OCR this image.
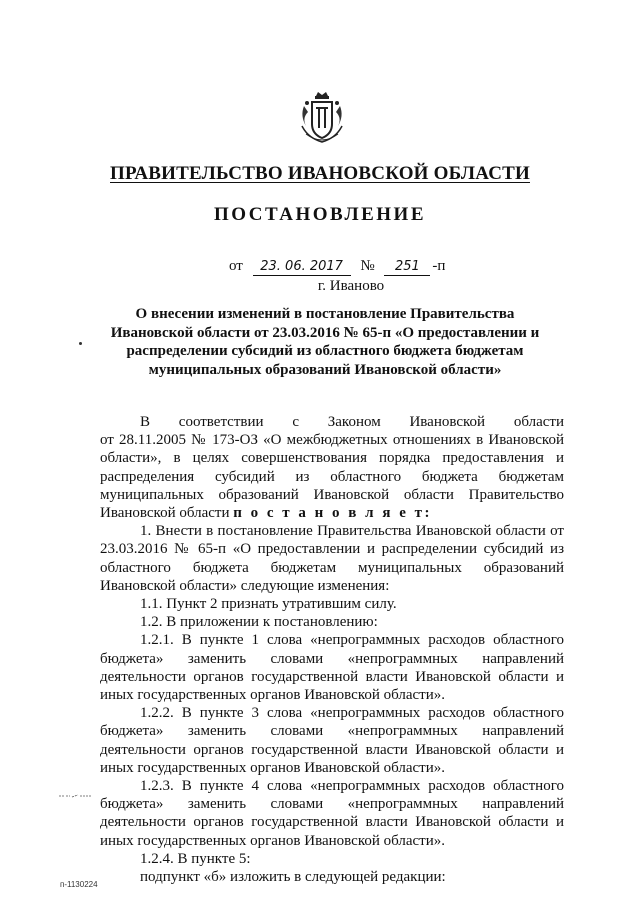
ПРАВИТЕЛЬСТВО ИВАНОВСКОЙ ОБЛАСТИ
ПОСТАНОВЛЕНИЕ
от 23. 06. 2017 № 251 -п
г. Иваново
О внесении изменений в постановление Правительства Ивановской области от 23.03.2016 № 65-п «О предоставлении и распределении субсидий из областного бюджета бюджетам муниципальных образований Ивановской области»
В соответствии с Законом Ивановской области

от 28.11.2005 № 173-ОЗ «О межбюджетных отношениях в Ивановской области», в целях совершенствования порядка предоставления и распределения субсидий из областного бюджета бюджетам муниципальных образований Ивановской области Правительство Ивановской области п о с т а н о в л я е т:

1. Внести в постановление Правительства Ивановской области от 23.03.2016 № 65-п «О предоставлении и распределении субсидий из областного бюджета бюджетам муниципальных образований Ивановской области» следующие изменения:

1.1. Пункт 2 признать утратившим силу.

1.2. В приложении к постановлению:

1.2.1. В пункте 1 слова «непрограммных расходов областного бюджета» заменить словами «непрограммных направлений деятельности органов государственной власти Ивановской области и иных государственных органов Ивановской области».

1.2.2. В пункте 3 слова «непрограммных расходов областного бюджета» заменить словами «непрограммных направлений деятельности органов государственной власти Ивановской области и иных государственных органов Ивановской области».

1.2.3. В пункте 4 слова «непрограммных расходов областного бюджета» заменить словами «непрограммных направлений деятельности органов государственной власти Ивановской области и иных государственных органов Ивановской области».

1.2.4. В пункте 5:

подпункт «б» изложить в следующей редакции:

п-1130224
